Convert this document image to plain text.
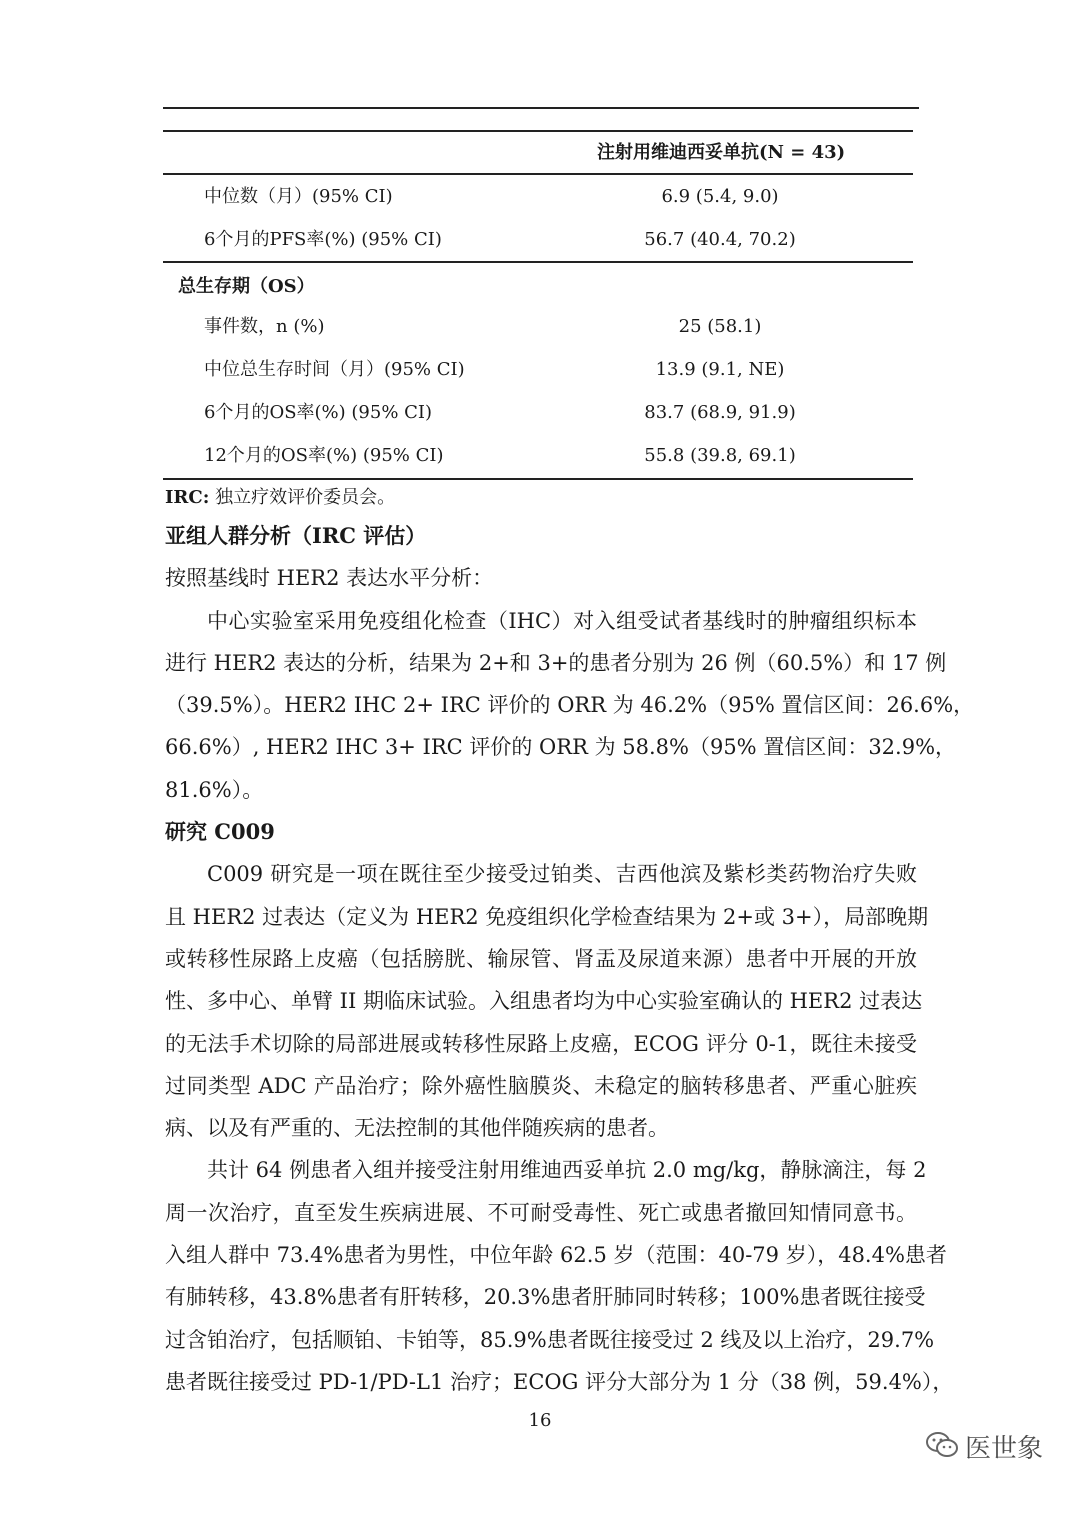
注射用维迪西妥单抗(N = 43)
中位数（月）(95% CI)	6.9 (5.4, 9.0)
6个月的PFS率(%) (95% CI)	56.7 (40.4, 70.2)
总生存期（OS）
事件数，n (%)	25 (58.1)
中位总生存时间（月）(95% CI)	13.9 (9.1, NE)
6个月的OS率(%) (95% CI)	83.7 (68.9, 91.9)
12个月的OS率(%) (95% CI)	55.8 (39.8, 69.1)
IRC: 独立疗效评价委员会。
亚组人群分析（IRC 评估）
按照基线时 HER2 表达水平分析：
中心实验室采用免疫组化检查（IHC）对入组受试者基线时的肿瘤组织标本
进行 HER2 表达的分析，结果为 2+和 3+的患者分别为 26 例（60.5%）和 17 例
（39.5%）。HER2 IHC 2+ IRC 评价的 ORR 为 46.2%（95% 置信区间：26.6%，
66.6%）, HER2 IHC 3+ IRC 评价的 ORR 为 58.8%（95% 置信区间：32.9%，
81.6%）。
研究 C009
C009 研究是一项在既往至少接受过铂类、吉西他滨及紫杉类药物治疗失败
且 HER2 过表达（定义为 HER2 免疫组织化学检查结果为 2+或 3+），局部晚期
或转移性尿路上皮癌（包括膀胱、输尿管、肾盂及尿道来源）患者中开展的开放
性、多中心、单臂 II 期临床试验。入组患者均为中心实验室确认的 HER2 过表达
的无法手术切除的局部进展或转移性尿路上皮癌，ECOG 评分 0-1，既往未接受
过同类型 ADC 产品治疗；除外癌性脑膜炎、未稳定的脑转移患者、严重心脏疾
病、以及有严重的、无法控制的其他伴随疾病的患者。
共计 64 例患者入组并接受注射用维迪西妥单抗 2.0 mg/kg，静脉滴注，每 2
周一次治疗，直至发生疾病进展、不可耐受毒性、死亡或患者撤回知情同意书。
入组人群中 73.4%患者为男性，中位年龄 62.5 岁（范围：40-79 岁），48.4%患者
有肺转移，43.8%患者有肝转移，20.3%患者肝肺同时转移；100%患者既往接受
过含铂治疗，包括顺铂、卡铂等，85.9%患者既往接受过 2 线及以上治疗，29.7%
患者既往接受过 PD-1/PD-L1 治疗；ECOG 评分大部分为 1 分（38 例，59.4%），
16
医世象
